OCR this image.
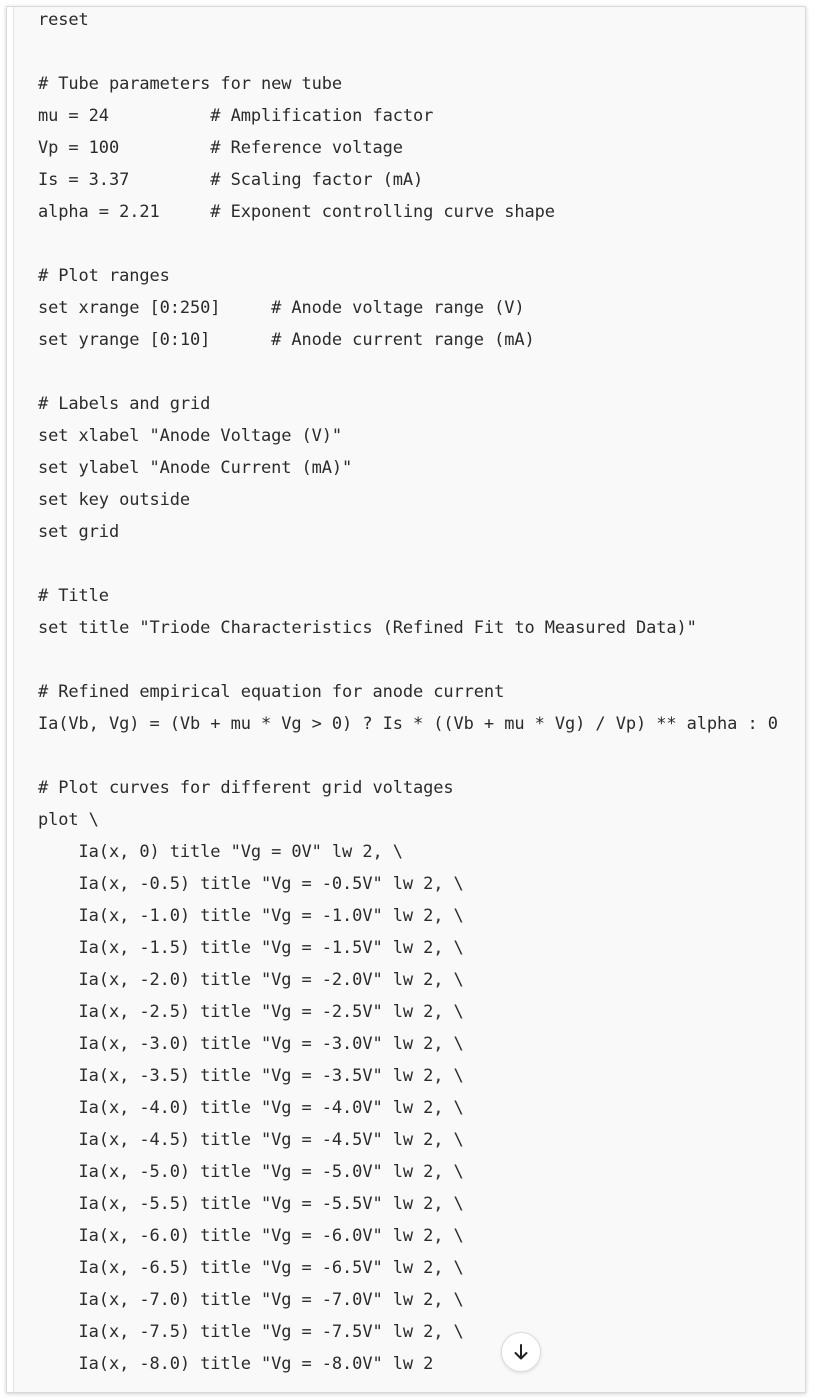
reset
# Tube parameters for new tube
mu = 24          # Amplification factor
Vp = 100         # Reference voltage
Is = 3.37        # Scaling factor (mA)
alpha = 2.21     # Exponent controlling curve shape
# Plot ranges
set xrange [0:250]     # Anode voltage range (V)
set yrange [0:10]      # Anode current range (mA)
# Labels and grid
set xlabel "Anode Voltage (V)"
set ylabel "Anode Current (mA)"
set key outside
set grid
# Title
set title "Triode Characteristics (Refined Fit to Measured Data)"
# Refined empirical equation for anode current
Ia(Vb, Vg) = (Vb + mu * Vg > 0) ? Is * ((Vb + mu * Vg) / Vp) ** alpha : 0
# Plot curves for different grid voltages
plot \
Ia(x, 0) title "Vg = 0V" lw 2, \
Ia(x, -0.5) title "Vg = -0.5V" lw 2, \
Ia(x, -1.0) title "Vg = -1.0V" lw 2, \
Ia(x, -1.5) title "Vg = -1.5V" lw 2, \
Ia(x, -2.0) title "Vg = -2.0V" lw 2, \
Ia(x, -2.5) title "Vg = -2.5V" lw 2, \
Ia(x, -3.0) title "Vg = -3.0V" lw 2, \
Ia(x, -3.5) title "Vg = -3.5V" lw 2, \
Ia(x, -4.0) title "Vg = -4.0V" lw 2, \
Ia(x, -4.5) title "Vg = -4.5V" lw 2, \
Ia(x, -5.0) title "Vg = -5.0V" lw 2, \
Ia(x, -5.5) title "Vg = -5.5V" lw 2, \
Ia(x, -6.0) title "Vg = -6.0V" lw 2, \
Ia(x, -6.5) title "Vg = -6.5V" lw 2, \
Ia(x, -7.0) title "Vg = -7.0V" lw 2, \
Ia(x, -7.5) title "Vg = -7.5V" lw 2, \
Ia(x, -8.0) title "Vg = -8.0V" lw 2
